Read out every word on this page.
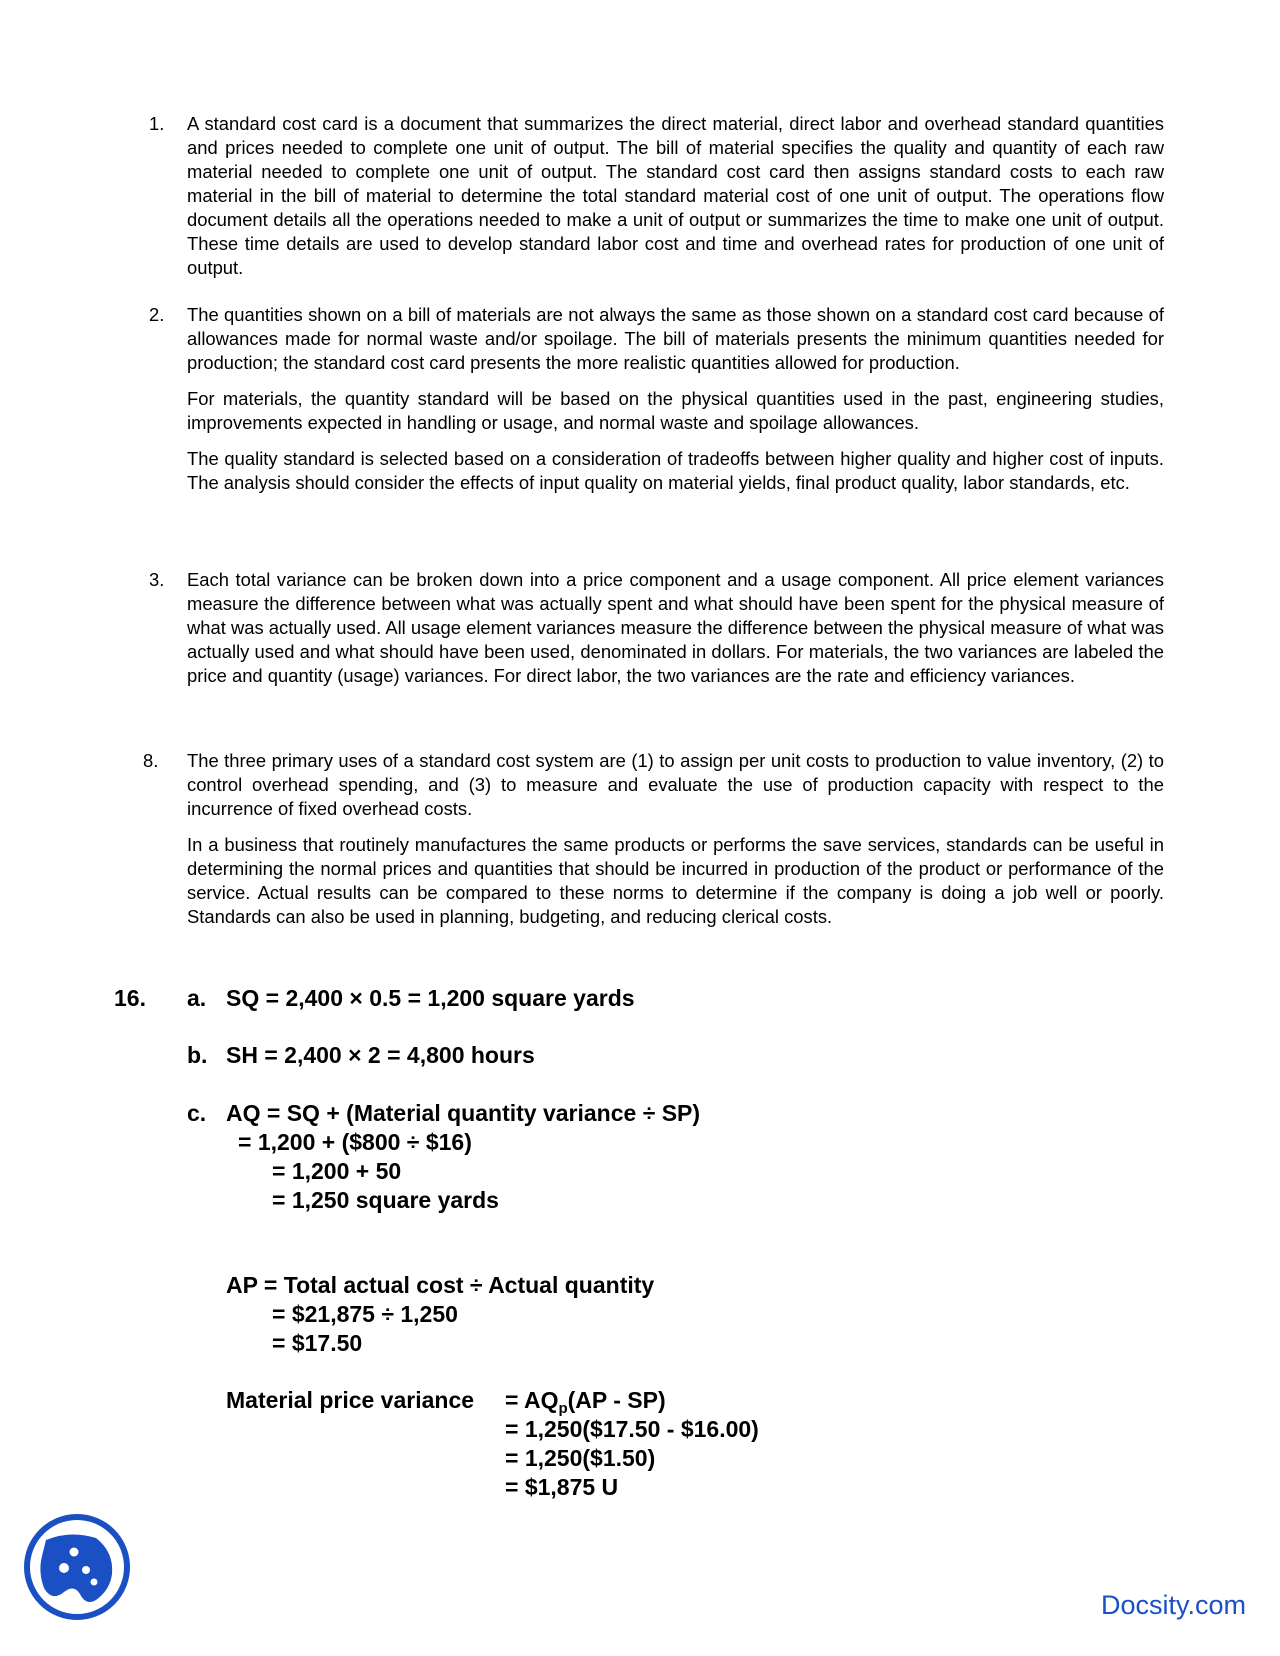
1. A standard cost card is a document that summarizes the direct material, direct labor and overhead standard quantities and prices needed to complete one unit of output. The bill of material specifies the quality and quantity of each raw material needed to complete one unit of output. The standard cost card then assigns standard costs to each raw material in the bill of material to determine the total standard material cost of one unit of output. The operations flow document details all the operations needed to make a unit of output or summarizes the time to make one unit of output. These time details are used to develop standard labor cost and time and overhead rates for production of one unit of output.

2. The quantities shown on a bill of materials are not always the same as those shown on a standard cost card because of allowances made for normal waste and/or spoilage. The bill of materials presents the minimum quantities needed for production; the standard cost card presents the more realistic quantities allowed for production.

For materials, the quantity standard will be based on the physical quantities used in the past, engineering studies, improvements expected in handling or usage, and normal waste and spoilage allowances.

The quality standard is selected based on a consideration of tradeoffs between higher quality and higher cost of inputs. The analysis should consider the effects of input quality on material yields, final product quality, labor standards, etc.

3. Each total variance can be broken down into a price component and a usage component. All price element variances measure the difference between what was actually spent and what should have been spent for the physical measure of what was actually used. All usage element variances measure the difference between the physical measure of what was actually used and what should have been used, denominated in dollars. For materials, the two variances are labeled the price and quantity (usage) variances. For direct labor, the two variances are the rate and efficiency variances.

8. The three primary uses of a standard cost system are (1) to assign per unit costs to production to value inventory, (2) to control overhead spending, and (3) to measure and evaluate the use of production capacity with respect to the incurrence of fixed overhead costs.

In a business that routinely manufactures the same products or performs the save services, standards can be useful in determining the normal prices and quantities that should be incurred in production of the product or performance of the service. Actual results can be compared to these norms to determine if the company is doing a job well or poorly. Standards can also be used in planning, budgeting, and reducing clerical costs.

16. a. SQ = 2,400 × 0.5 = 1,200 square yards
b. SH = 2,400 × 2 = 4,800 hours
c. AQ = SQ + (Material quantity variance ÷ SP)
= 1,200 + ($800 ÷ $16)
= 1,200 + 50
= 1,250 square yards
AP = Total actual cost ÷ Actual quantity
= $21,875 ÷ 1,250
= $17.50
Material price variance = $AQ_p(AP - SP)$
= 1,250($17.50 - $16.00)
= 1,250($1.50)
= $1,875 U
Docsity.com
